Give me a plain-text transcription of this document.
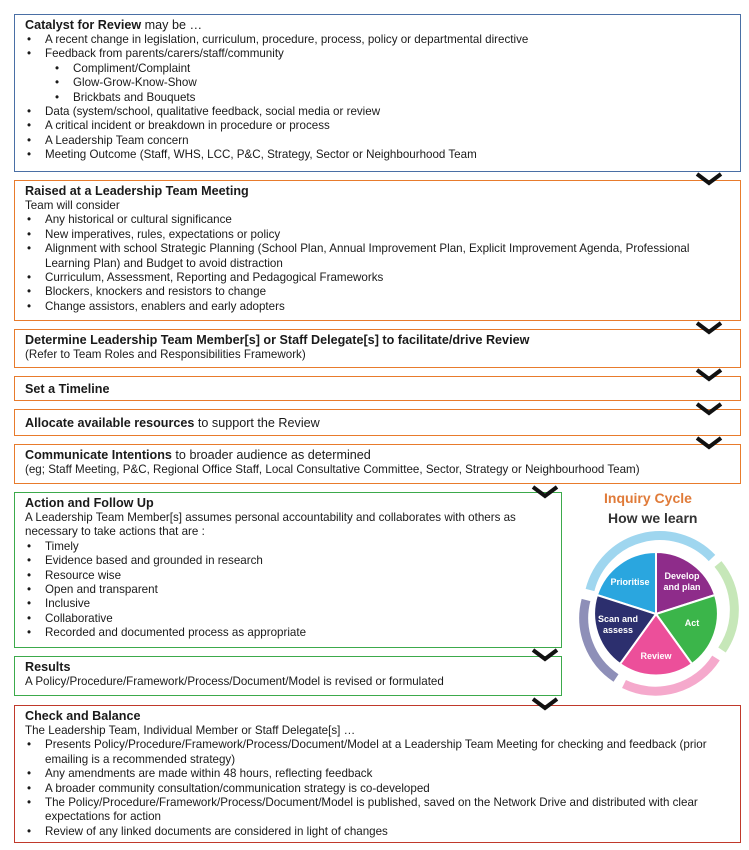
Catalyst for Review may be …
• A recent change in legislation, curriculum, procedure, process, policy or departmental directive
• Feedback from parents/carers/staff/community
• Compliment/Complaint
• Glow-Grow-Know-Show
• Brickbats and Bouquets
• Data (system/school, qualitative feedback, social media or review
• A critical incident or breakdown in procedure or process
• A Leadership Team concern
• Meeting Outcome (Staff, WHS, LCC, P&C, Strategy, Sector or Neighbourhood Team
Raised at a Leadership Team Meeting
Team will consider
• Any historical or cultural significance
• New imperatives, rules, expectations or policy
• Alignment with school Strategic Planning (School Plan, Annual Improvement Plan, Explicit Improvement Agenda, Professional Learning Plan) and Budget to avoid distraction
• Curriculum, Assessment, Reporting and Pedagogical Frameworks
• Blockers, knockers and resistors to change
• Change assistors, enablers and early adopters
Determine Leadership Team Member[s] or Staff Delegate[s] to facilitate/drive Review
(Refer to Team Roles and Responsibilities Framework)
Set a Timeline
Allocate available resources to support the Review
Communicate Intentions to broader audience as determined
(eg; Staff Meeting, P&C, Regional Office Staff, Local Consultative Committee, Sector, Strategy or Neighbourhood Team)
Action and Follow Up
A Leadership Team Member[s] assumes personal accountability and collaborates with others as necessary to take actions that are :
• Timely
• Evidence based and grounded in research
• Resource wise
• Open and transparent
• Inclusive
• Collaborative
• Recorded and documented process as appropriate
Results
A Policy/Procedure/Framework/Process/Document/Model is revised or formulated
Check and Balance
The Leadership Team, Individual Member or Staff Delegate[s] …
• Presents Policy/Procedure/Framework/Process/Document/Model at a Leadership Team Meeting for checking and feedback (prior emailing is a recommended strategy)
• Any amendments are made within 48 hours, reflecting feedback
• A broader community consultation/communication strategy is co-developed
• The Policy/Procedure/Framework/Process/Document/Model is published, saved on the Network Drive and distributed with clear expectations for action
• Review of any linked documents are considered in light of changes
Inquiry Cycle
How we learn
Prioritise
Develop
and plan
Act
Review
Scan and
assess
